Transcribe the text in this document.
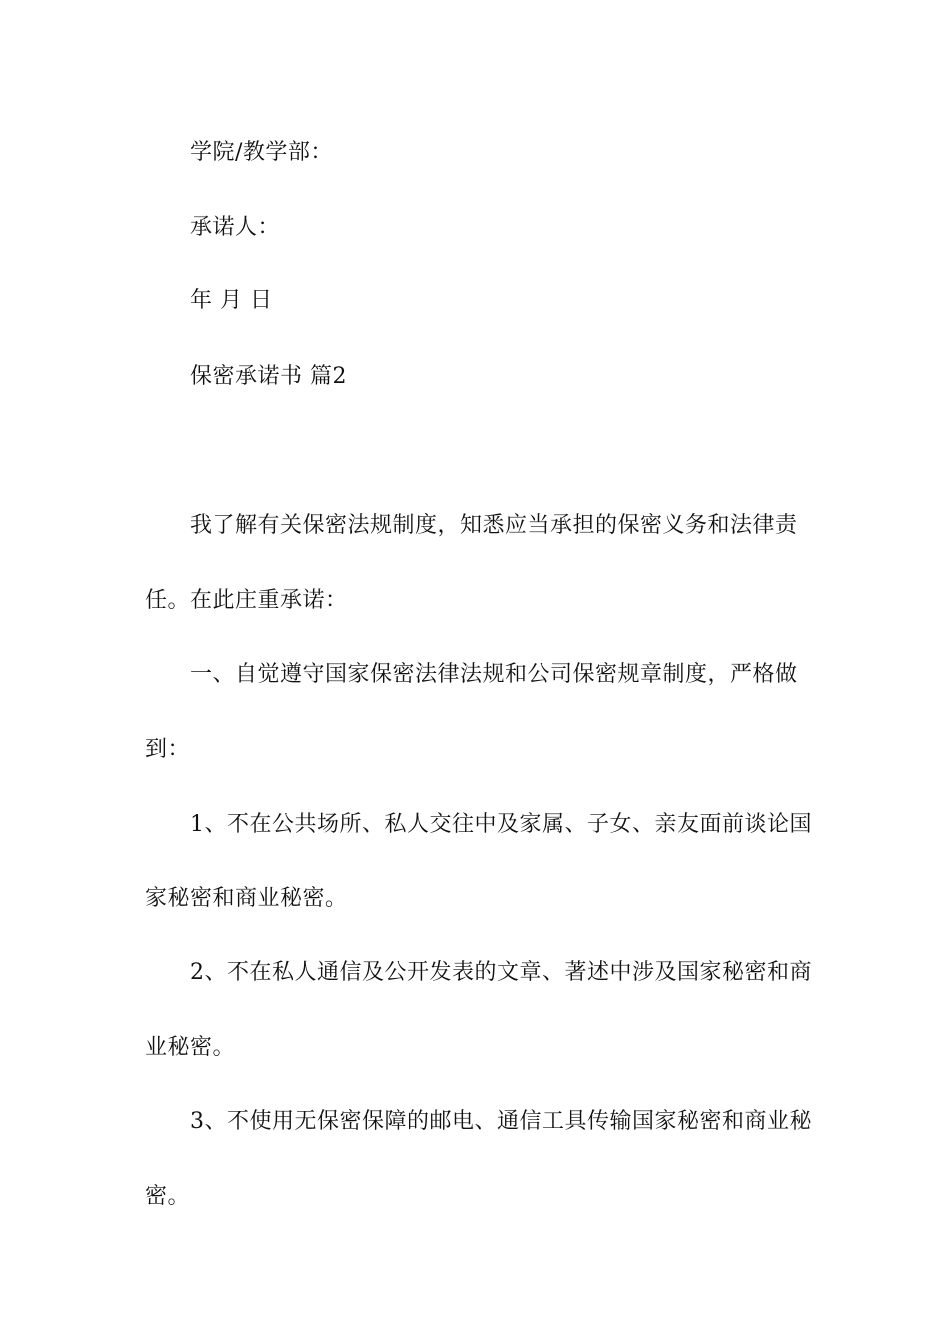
学院/教学部：
承诺人：
年 月 日
保密承诺书 篇2
我了解有关保密法规制度，知悉应当承担的保密义务和法律责
任。在此庄重承诺：
一、自觉遵守国家保密法律法规和公司保密规章制度，严格做
到：
1、不在公共场所、私人交往中及家属、子女、亲友面前谈论国
家秘密和商业秘密。
2、不在私人通信及公开发表的文章、著述中涉及国家秘密和商
业秘密。
3、不使用无保密保障的邮电、通信工具传输国家秘密和商业秘
密。
